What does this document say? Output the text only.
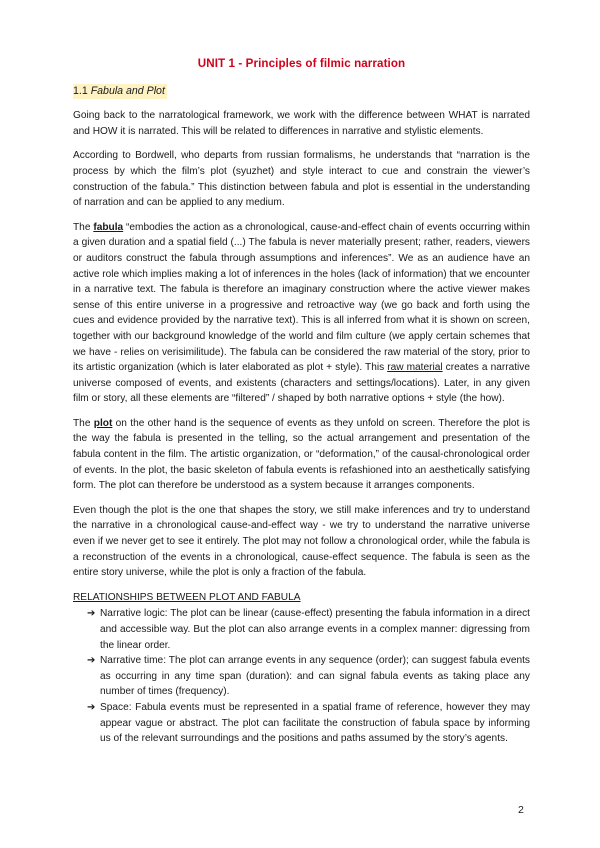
UNIT 1 - Principles of filmic narration
1.1 Fabula and Plot

Going back to the narratological framework, we work with the difference between WHAT is narrated and HOW it is narrated. This will be related to differences in narrative and stylistic elements.

According to Bordwell, who departs from russian formalisms, he understands that “narration is the process by which the film’s plot (syuzhet) and style interact to cue and constrain the viewer’s construction of the fabula.” This distinction between fabula and plot is essential in the understanding of narration and can be applied to any medium.

The fabula “embodies the action as a chronological, cause-and-effect chain of events occurring within a given duration and a spatial field (...) The fabula is never materially present; rather, readers, viewers or auditors construct the fabula through assumptions and inferences”. We as an audience have an active role which implies making a lot of inferences in the holes (lack of information) that we encounter in a narrative text. The fabula is therefore an imaginary construction where the active viewer makes sense of this entire universe in a progressive and retroactive way (we go back and forth using the cues and evidence provided by the narrative text). This is all inferred from what it is shown on screen, together with our background knowledge of the world and film culture (we apply certain schemes that we have - relies on verisimilitude). The fabula can be considered the raw material of the story, prior to its artistic organization (which is later elaborated as plot + style). This raw material creates a narrative universe composed of events, and existents (characters and settings/locations). Later, in any given film or story, all these elements are “filtered” / shaped by both narrative options + style (the how).

The plot on the other hand is the sequence of events as they unfold on screen. Therefore the plot is the way the fabula is presented in the telling, so the actual arrangement and presentation of the fabula content in the film. The artistic organization, or “deformation,” of the causal-chronological order of events. In the plot, the basic skeleton of fabula events is refashioned into an aesthetically satisfying form. The plot can therefore be understood as a system because it arranges components.

Even though the plot is the one that shapes the story, we still make inferences and try to understand the narrative in a chronological cause-and-effect way - we try to understand the narrative universe even if we never get to see it entirely. The plot may not follow a chronological order, while the fabula is a reconstruction of the events in a chronological, cause-effect sequence. The fabula is seen as the entire story universe, while the plot is only a fraction of the fabula.

RELATIONSHIPS BETWEEN PLOT AND FABULA
➔ Narrative logic: The plot can be linear (cause-effect) presenting the fabula information in a direct and accessible way. But the plot can also arrange events in a complex manner: digressing from the linear order.
➔ Narrative time: The plot can arrange events in any sequence (order); can suggest fabula events as occurring in any time span (duration): and can signal fabula events as taking place any number of times (frequency).
➔ Space: Fabula events must be represented in a spatial frame of reference, however they may appear vague or abstract. The plot can facilitate the construction of fabula space by informing us of the relevant surroundings and the positions and paths assumed by the story’s agents.
2
